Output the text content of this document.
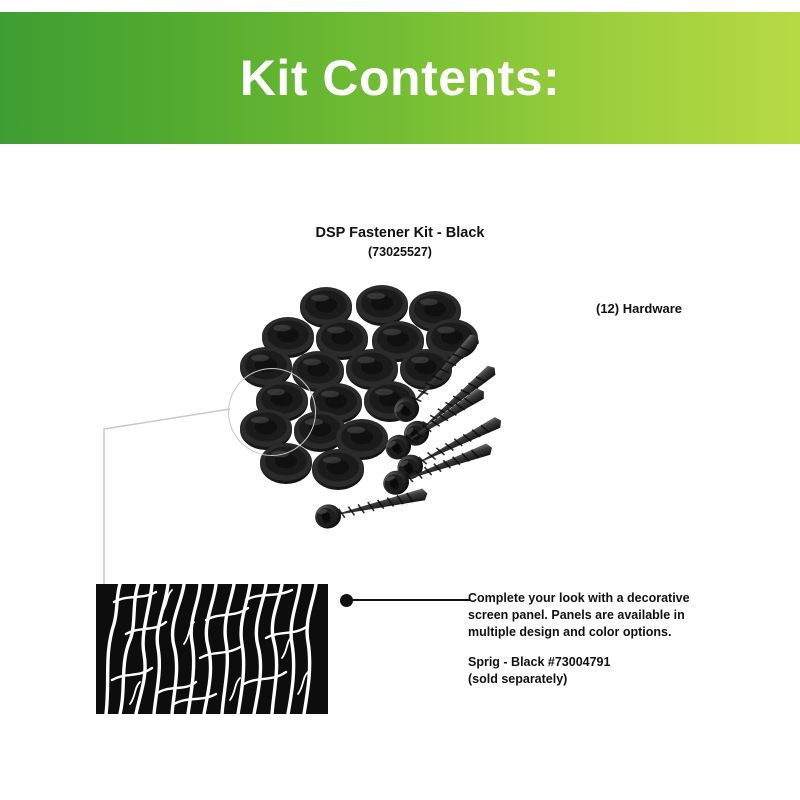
Kit Contents:
DSP Fastener Kit - Black
(73025527)
(12) Hardware
Complete your look with a decorative
screen panel. Panels are available in
multiple design and color options.
Sprig - Black #73004791
(sold separately)
